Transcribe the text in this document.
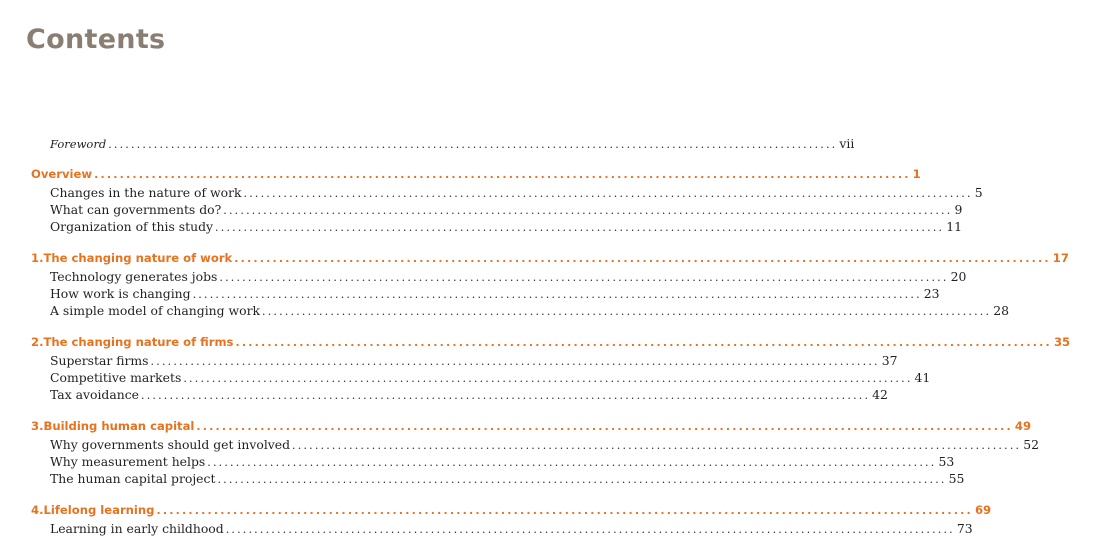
Contents
Foreword ................................................................................................................................ vii
Overview ................................................................................................................................ 1
Changes in the nature of work ................................................................................................................................ 5
What can governments do? ................................................................................................................................ 9
Organization of this study ................................................................................................................................ 11
1. The changing nature of work ................................................................................................................................ 17
Technology generates jobs ................................................................................................................................ 20
How work is changing ................................................................................................................................ 23
A simple model of changing work ................................................................................................................................ 28
2. The changing nature of firms ................................................................................................................................ 35
Superstar firms ................................................................................................................................ 37
Competitive markets ................................................................................................................................ 41
Tax avoidance ................................................................................................................................ 42
3. Building human capital ................................................................................................................................ 49
Why governments should get involved ................................................................................................................................ 52
Why measurement helps ................................................................................................................................ 53
The human capital project ................................................................................................................................ 55
4. Lifelong learning ................................................................................................................................ 69
Learning in early childhood ................................................................................................................................ 73
